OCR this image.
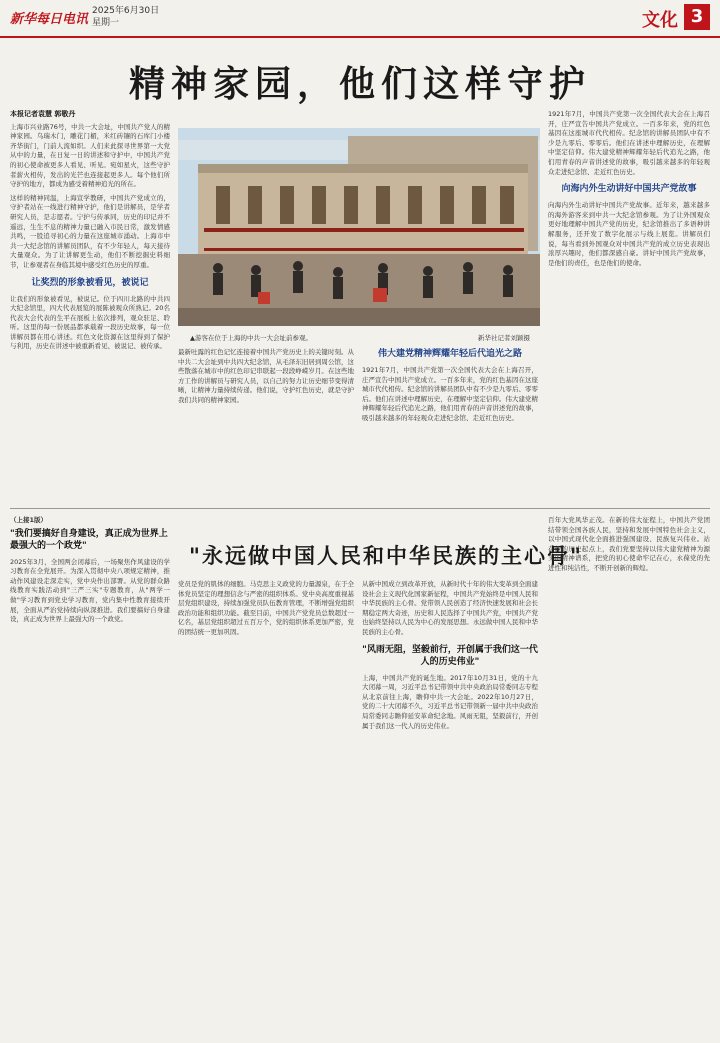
新华每日电讯
2025年6月30日
星期一	文化 3
精神家园，他们这样守护
本报记者袁慧 郭敬丹

上海市兴业路76号，中共一大会址，中国共产党人的精神家园。乌瑞木门，雕花门楣，米红砖镶的石库门小楼齐华街门，门前人流如织。人们来此探寻世界第一大党从中的力量，在日复一日的讲述和守护中，中国共产党的初心使命被更多人看见、听见。宛如星火，这些守护者薪火相传，发出的光芒也连接起更多人。每个他们所守护的地方，都成为感受着精神追光的所在。

这样的精神同温，上海宣学教研，中国共产党成立的，守护者站在一线进行精神守护，他们是讲解员，是学者研究人员，是志愿者。宁护与传承同，历史的印记并不遥远，生生不息的精神力量已融入市民日常，激发情感共鸣，一股追寻初心的力量在这座城市涌动。上海市中共一大纪念馆的讲解员团队，有不少年轻人，每天接待大量观众。为了让讲解更生动，他们不断挖掘史料细节，让参观者在身临其境中感受红色历史的厚重。

让奖烈的形象被看见，被说记

让我们的形象被看见，被说记。位于四川北路的中共四大纪念馆里，四大代表展览的展陈被观众所熟记。20名代表大会代表的生平在展板上依次排列，观众驻足、聆听。这里的每一份展品都承载着一段历史故事，每一位讲解员都在用心讲述。红色文化资源在这里得到了保护与利用，历史在讲述中被重新看见、被说记、被传承。

▲游客在位于上海的中共一大会址前参观。	新华社记者刘颖摄

最新吐露的红色记忆连接着中国共产党历史上的关键时刻。从中共二大会址到中共四大纪念馆，从毛泽东旧居到周公馆，这些散落在城市中的红色印记串联起一段段峥嵘岁月。在这些地方工作的讲解员与研究人员，以自己的努力让历史细节变得清晰，让精神力量持续传递。他们说，守护红色历史，就是守护我们共同的精神家园。

伟大建党精神辉耀年轻后代追光之路

1921年7月，中国共产党第一次全国代表大会在上海召开，庄严宣告中国共产党成立。一百多年来，党的红色基因在这座城市代代相传。纪念馆的讲解员团队中有不少是九零后、零零后。他们在讲述中理解历史，在理解中坚定信仰。伟大建党精神辉耀年轻后代追光之路，他们用青春的声音讲述党的故事，吸引越来越多的年轻观众走进纪念馆、走近红色历史。

1921年7月，中国共产党第一次全国代表大会在上海召开，庄严宣告中国共产党成立。一百多年来，党的红色基因在这座城市代代相传。纪念馆的讲解员团队中有不少是九零后、零零后。他们在讲述中理解历史，在理解中坚定信仰。伟大建党精神辉耀年轻后代追光之路，他们用青春的声音讲述党的故事，吸引越来越多的年轻观众走进纪念馆、走近红色历史。

向海内外生动讲好中国共产党故事

向海内外生动讲好中国共产党故事。近年来，越来越多的海外游客来到中共一大纪念馆参观。为了让外国观众更好地理解中国共产党的历史，纪念馆推出了多语种讲解服务，还开发了数字化展示与线上展览。讲解员们说，每当看到外国观众对中国共产党的成立历史表现出浓厚兴趣时，他们都深感自豪。讲好中国共产党故事，是他们的责任，也是他们的使命。

（上接1版）
"我们要搞好自身建设，真正成为世界上最强大的一个政党"

2025年3月，全国两会闭幕后，一场聚焦作风建设的学习教育在全党展开。为深入贯彻中央八项规定精神，推动作风建设走深走实，党中央作出部署。从党的群众路线教育实践活动到"三严三实"专题教育，从"两学一做"学习教育到党史学习教育，党内集中性教育接续开展，全面从严治党持续向纵深推进。我们要搞好自身建设，真正成为世界上最强大的一个政党。

"永远做中国人民和中华民族的主心骨"

党员是党的肌体的细胞。马克思主义政党的力量源泉，在于全体党员坚定的理想信念与严密的组织体系。党中央高度重视基层党组织建设，持续加强党员队伍教育管理，不断增强党组织政治功能和组织功能。截至目前，中国共产党党员总数超过一亿名，基层党组织超过五百万个，党的组织体系更加严密，党的团结统一更加巩固。

从新中国成立到改革开放，从新时代十年的伟大变革到全面建设社会主义现代化国家新征程，中国共产党始终是中国人民和中华民族的主心骨。党带领人民创造了经济快速发展和社会长期稳定两大奇迹，历史和人民选择了中国共产党，中国共产党也始终坚持以人民为中心的发展思想。永远做中国人民和中华民族的主心骨。

"风雨无阻，坚毅前行，开创属于我们这一代人的历史伟业"

上海，中国共产党的诞生地。2017年10月31日，党的十九大闭幕一周，习近平总书记带领中共中央政治局常委同志专程从北京前往上海，瞻仰中共一大会址。2022年10月27日，党的二十大闭幕不久，习近平总书记带领新一届中共中央政治局常委同志瞻仰延安革命纪念地。风雨无阻，坚毅前行，开创属于我们这一代人的历史伟业。

百年大党风华正茂。在新的伟大征程上，中国共产党团结带领全国各族人民，坚持和发展中国特色社会主义，以中国式现代化全面推进强国建设、民族复兴伟业。站在新的历史起点上，我们党要坚持以伟大建党精神为源头的精神谱系，把党的初心使命牢记在心，永葆党的先进性和纯洁性，不断开创新的辉煌。
